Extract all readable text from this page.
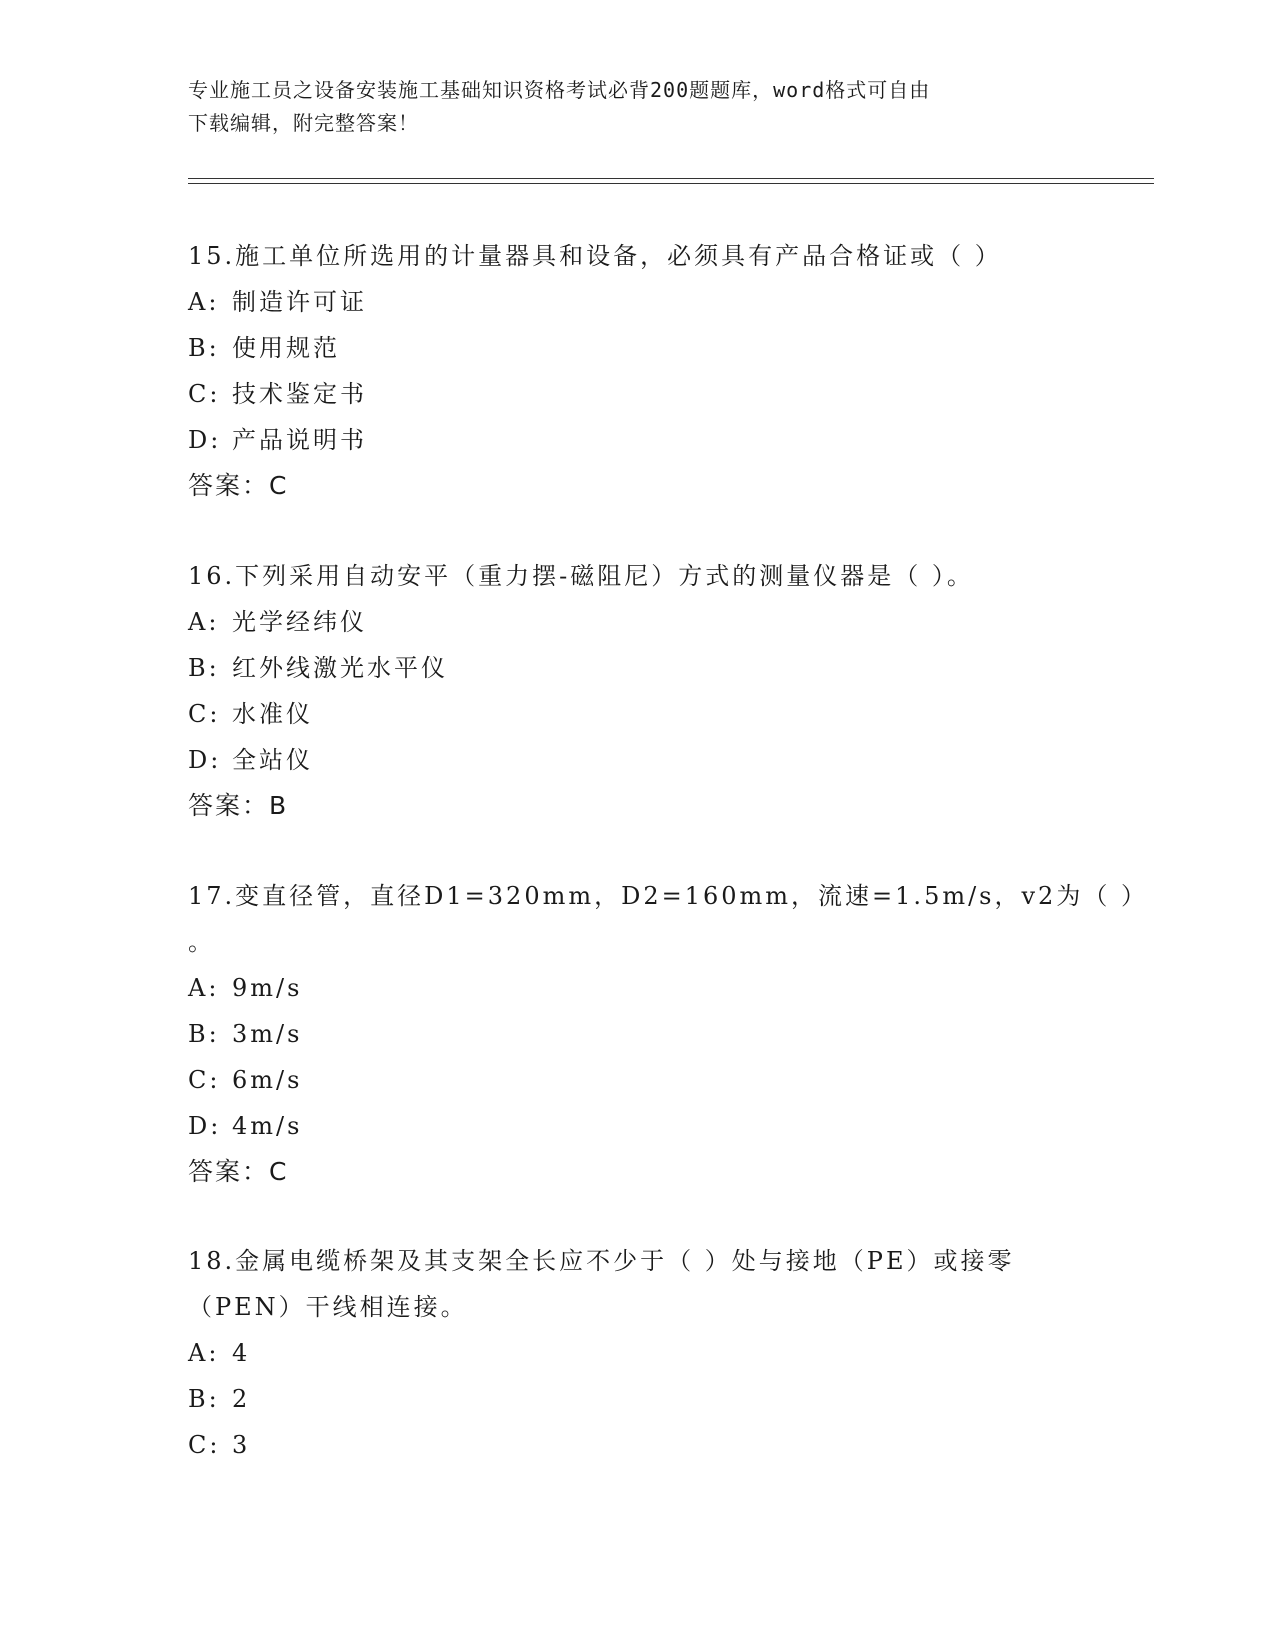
专业施工员之设备安装施工基础知识资格考试必背200题题库，word格式可自由
下载编辑，附完整答案！
15.施工单位所选用的计量器具和设备，必须具有产品合格证或（ ）
A: 制造许可证
B: 使用规范
C: 技术鉴定书
D: 产品说明书
答案：C
16.下列采用自动安平（重力摆-磁阻尼）方式的测量仪器是（ ）。
A: 光学经纬仪
B: 红外线激光水平仪
C: 水准仪
D: 全站仪
答案：B
17.变直径管，直径D1=320mm，D2=160mm，流速=1.5m/s，v2为（ ）
。
A: 9m/s
B: 3m/s
C: 6m/s
D: 4m/s
答案：C
18.金属电缆桥架及其支架全长应不少于（ ）处与接地（PE）或接零
（PEN）干线相连接。
A: 4
B: 2
C: 3
